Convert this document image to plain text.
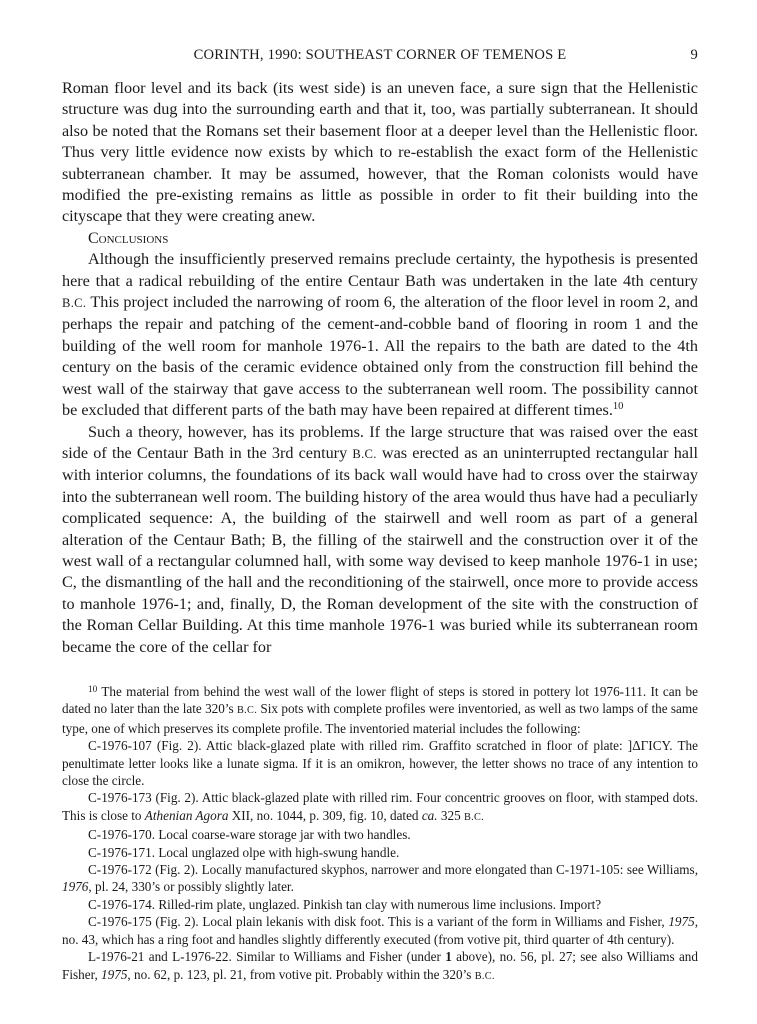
CORINTH, 1990: SOUTHEAST CORNER OF TEMENOS E	9

Roman floor level and its back (its west side) is an uneven face, a sure sign that the Hellenistic structure was dug into the surrounding earth and that it, too, was partially subterranean. It should also be noted that the Romans set their basement floor at a deeper level than the Hellenistic floor. Thus very little evidence now exists by which to re-establish the exact form of the Hellenistic subterranean chamber. It may be assumed, however, that the Roman colonists would have modified the pre-existing remains as little as possible in order to fit their building into the cityscape that they were creating anew.

Conclusions

Although the insufficiently preserved remains preclude certainty, the hypothesis is presented here that a radical rebuilding of the entire Centaur Bath was undertaken in the late 4th century B.C. This project included the narrowing of room 6, the alteration of the floor level in room 2, and perhaps the repair and patching of the cement-and-cobble band of flooring in room 1 and the building of the well room for manhole 1976-1. All the repairs to the bath are dated to the 4th century on the basis of the ceramic evidence obtained only from the construction fill behind the west wall of the stairway that gave access to the subterranean well room. The possibility cannot be excluded that different parts of the bath may have been repaired at different times.$^{10}$

Such a theory, however, has its problems. If the large structure that was raised over the east side of the Centaur Bath in the 3rd century B.C. was erected as an uninterrupted rectangular hall with interior columns, the foundations of its back wall would have had to cross over the stairway into the subterranean well room. The building history of the area would thus have had a peculiarly complicated sequence: A, the building of the stairwell and well room as part of a general alteration of the Centaur Bath; B, the filling of the stairwell and the construction over it of the west wall of a rectangular columned hall, with some way devised to keep manhole 1976-1 in use; C, the dismantling of the hall and the reconditioning of the stairwell, once more to provide access to manhole 1976-1; and, finally, D, the Roman development of the site with the construction of the Roman Cellar Building. At this time manhole 1976-1 was buried while its subterranean room became the core of the cellar for

$^{10}$ The material from behind the west wall of the lower flight of steps is stored in pottery lot 1976-111. It can be dated no later than the late 320’s B.C. Six pots with complete profiles were inventoried, as well as two lamps of the same type, one of which preserves its complete profile. The inventoried material includes the following:

C-1976-107 (Fig. 2). Attic black-glazed plate with rilled rim. Graffito scratched in floor of plate: ]ΔΓΙCY. The penultimate letter looks like a lunate sigma. If it is an omikron, however, the letter shows no trace of any intention to close the circle.

C-1976-173 (Fig. 2). Attic black-glazed plate with rilled rim. Four concentric grooves on floor, with stamped dots. This is close to Athenian Agora XII, no. 1044, p. 309, fig. 10, dated ca. 325 B.C.

C-1976-170. Local coarse-ware storage jar with two handles.

C-1976-171. Local unglazed olpe with high-swung handle.

C-1976-172 (Fig. 2). Locally manufactured skyphos, narrower and more elongated than C-1971-105: see Williams, 1976, pl. 24, 330’s or possibly slightly later.

C-1976-174. Rilled-rim plate, unglazed. Pinkish tan clay with numerous lime inclusions. Import?

C-1976-175 (Fig. 2). Local plain lekanis with disk foot. This is a variant of the form in Williams and Fisher, 1975, no. 43, which has a ring foot and handles slightly differently executed (from votive pit, third quarter of 4th century).

L-1976-21 and L-1976-22. Similar to Williams and Fisher (under 1 above), no. 56, pl. 27; see also Williams and Fisher, 1975, no. 62, p. 123, pl. 21, from votive pit. Probably within the 320’s B.C.
